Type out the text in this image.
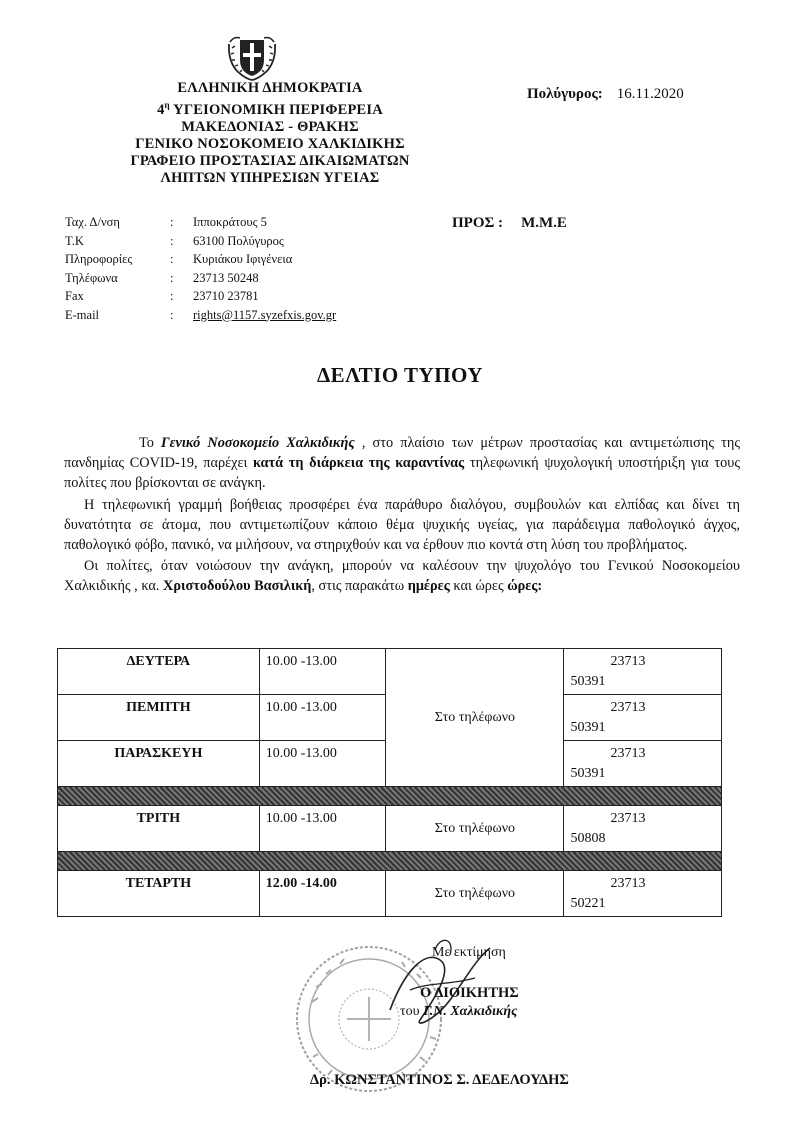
ΕΛΛΗΝΙΚΗ ΔΗΜΟΚΡΑΤΙΑ
$4^\eta$ ΥΓΕΙΟΝΟΜΙΚΗ ΠΕΡΙΦΕΡΕΙΑ
ΜΑΚΕΔΟΝΙΑΣ - ΘΡΑΚΗΣ
ΓΕΝΙΚΟ ΝΟΣΟΚΟΜΕΙΟ ΧΑΛΚΙΔΙΚΗΣ
ΓΡΑΦΕΙΟ ΠΡΟΣΤΑΣΙΑΣ ΔΙΚΑΙΩΜΑΤΩΝ
ΛΗΠΤΩΝ ΥΠΗΡΕΣΙΩΝ ΥΓΕΙΑΣ
Πολύγυρος: 16.11.2020
Ταχ. Δ/νση	:	Ιπποκράτους 5
Τ.Κ	:	63100 Πολύγυρος
Πληροφορίες	:	Κυριάκου Ιφιγένεια
Τηλέφωνα	:	23713 50248
Fax	:	23710 23781
E-mail	:	rights@1157.syzefxis.gov.gr
ΠΡΟΣ : Μ.Μ.Ε
ΔΕΛΤΙΟ ΤΥΠΟΥ

Το Γενικό Νοσοκομείο Χαλκιδικής , στο πλαίσιο των μέτρων προστασίας και αντιμετώπισης της πανδημίας COVID-19, παρέχει κατά τη διάρκεια της καραντίνας τηλεφωνική ψυχολογική υποστήριξη για τους πολίτες που βρίσκονται σε ανάγκη.

Η τηλεφωνική γραμμή βοήθειας προσφέρει ένα παράθυρο διαλόγου, συμβουλών και ελπίδας και δίνει τη δυνατότητα σε άτομα, που αντιμετωπίζουν κάποιο θέμα ψυχικής υγείας, για παράδειγμα παθολογικό άγχος, παθολογικό φόβο, πανικό, να μιλήσουν, να στηριχθούν και να έρθουν πιο κοντά στη λύση του προβλήματος.

Οι πολίτες, όταν νοιώσουν την ανάγκη, μπορούν να καλέσουν την ψυχολόγο του Γενικού Νοσοκομείου Χαλκιδικής , κα. Χριστοδούλου Βασιλική, στις παρακάτω ημέρες και ώρες ώρες:

ΔΕΥΤΕΡΑ	10.00 -13.00	Στο τηλέφωνο	23713
50391

ΠΕΜΠΤΗ	10.00 -13.00		23713
50391

ΠΑΡΑΣΚΕΥΗ	10.00 -13.00		23713
50391

ΤΡΙΤΗ	10.00 -13.00	Στο τηλέφωνο	23713
50808

ΤΕΤΑΡΤΗ	12.00 -14.00	Στο τηλέφωνο	23713
50221
Με εκτίμηση
Ο ΔΙΟΙΚΗΤΗΣ
του Γ.Ν. Χαλκιδικής
Δρ. ΚΩΝΣΤΑΝΤΙΝΟΣ Σ. ΔΕΔΕΛΟΥΔΗΣ
